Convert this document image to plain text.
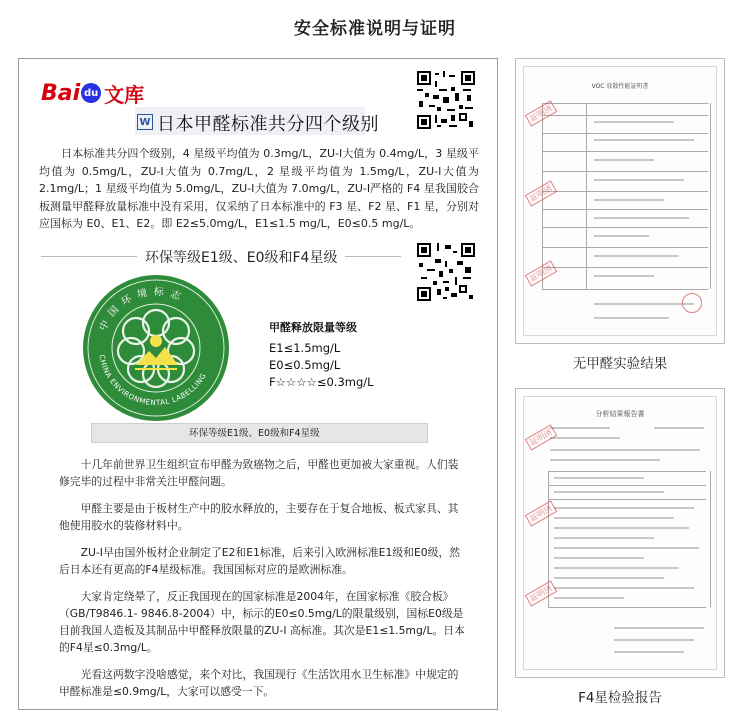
安全标准说明与证明
Bai du 文库
W 日本甲醛标准共分四个级别

日本标准共分四个级别，4 星级平均值为 0.3mg/L，ZU-I大值为 0.4mg/L，3 星级平均值为 0.5mg/L，ZU-I大值为 0.7mg/L，2 星级平均值为 1.5mg/L，ZU-I大值为 2.1mg/L；1 星级平均值为 5.0mg/L，ZU-I大值为 7.0mg/L，ZU-I严格的 F4 星我国胶合板测量甲醛释放量标准中没有采用，仅采纳了日本标准中的 F3 星、F2 星、F1 星，分别对应国标为 E0、E1、E2。即 E2≤5.0mg/L，E1≤1.5 mg/L，E0≤0.5 mg/L。

环保等级E1级、E0级和F4星级
中国环境标志
CHINA ENVIRONMENTAL LABELLING
甲醛释放限量等级
E1≤1.5mg/L
E0≤0.5mg/L
F☆☆☆☆≤0.3mg/L
环保等级E1级、E0级和F4星级

十几年前世界卫生组织宣布甲醛为致癌物之后，甲醛也更加被大家重视。人们装修完毕的过程中非常关注甲醛问题。

甲醛主要是由于板材生产中的胶水释放的，主要存在于复合地板、板式家具、其他使用胶水的装修材料中。

ZU-I早由国外板材企业制定了E2和E1标准，后来引入欧洲标准E1级和E0级，然后日本还有更高的F4星级标准。我国国标对应的是欧洲标准。

大家肯定绕晕了，反正我国现在的国家标准是2004年，在国家标准《胶合板》（GB/T9846.1- 9846.8-2004）中，标示的E0≤0.5mg/L的限量级别，国标E0级是目前我国人造板及其制品中甲醛释放限量的ZU-I 高标准。其次是E1≤1.5mg/L。日本的F4星≤0.3mg/L。

光看这两数字没啥感觉，来个对比，我国现行《生活饮用水卫生标准》中规定的甲醛标准是≤0.9mg/L，大家可以感受一下。

VOC 放散性能証明書
証明済
証明済
証明済
无甲醛实验结果
分析結果報告書
証明済
証明済
証明済
F4星检验报告
